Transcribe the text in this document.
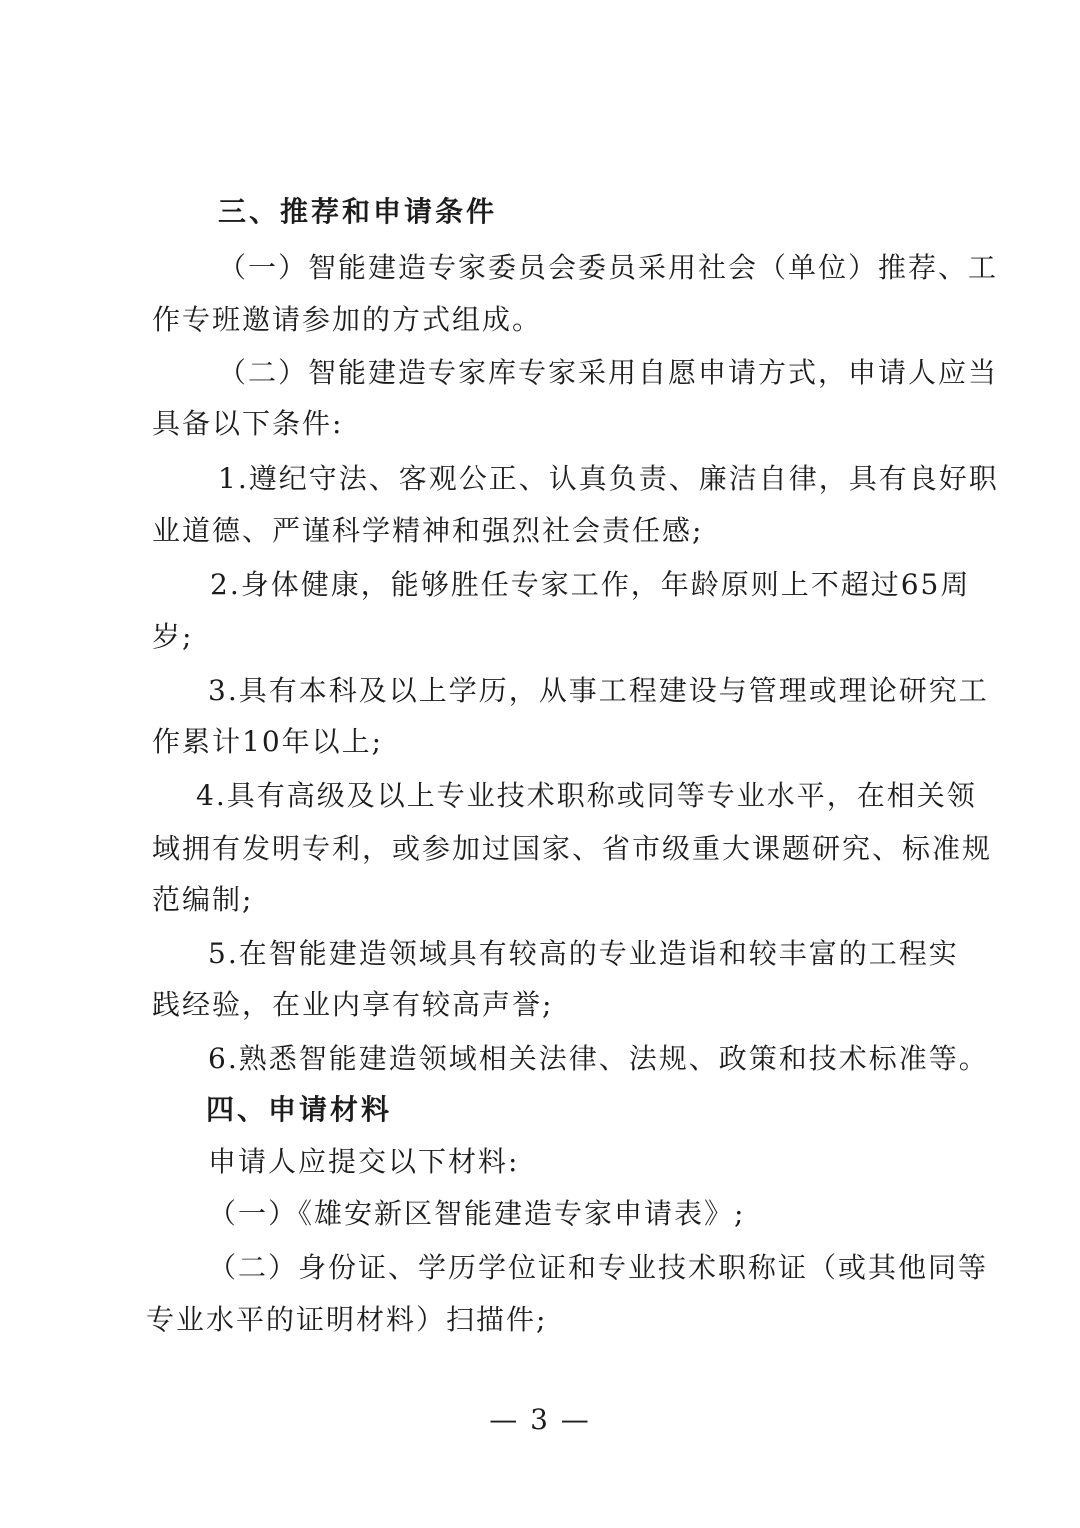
三、推荐和申请条件
（一）智能建造专家委员会委员采用社会（单位）推荐、工
作专班邀请参加的方式组成。
（二）智能建造专家库专家采用自愿申请方式，申请人应当
具备以下条件:
1.遵纪守法、客观公正、认真负责、廉洁自律，具有良好职
业道德、严谨科学精神和强烈社会责任感;
2.身体健康，能够胜任专家工作，年龄原则上不超过65周
岁;
3.具有本科及以上学历，从事工程建设与管理或理论研究工
作累计10年以上;
4.具有高级及以上专业技术职称或同等专业水平，在相关领
域拥有发明专利，或参加过国家、省市级重大课题研究、标准规
范编制;
5.在智能建造领域具有较高的专业造诣和较丰富的工程实
践经验，在业内享有较高声誉;
6.熟悉智能建造领域相关法律、法规、政策和技术标准等。
四、申请材料
申请人应提交以下材料:
（一）《雄安新区智能建造专家申请表》;
（二）身份证、学历学位证和专业技术职称证（或其他同等
专业水平的证明材料）扫描件;
— 3 —
